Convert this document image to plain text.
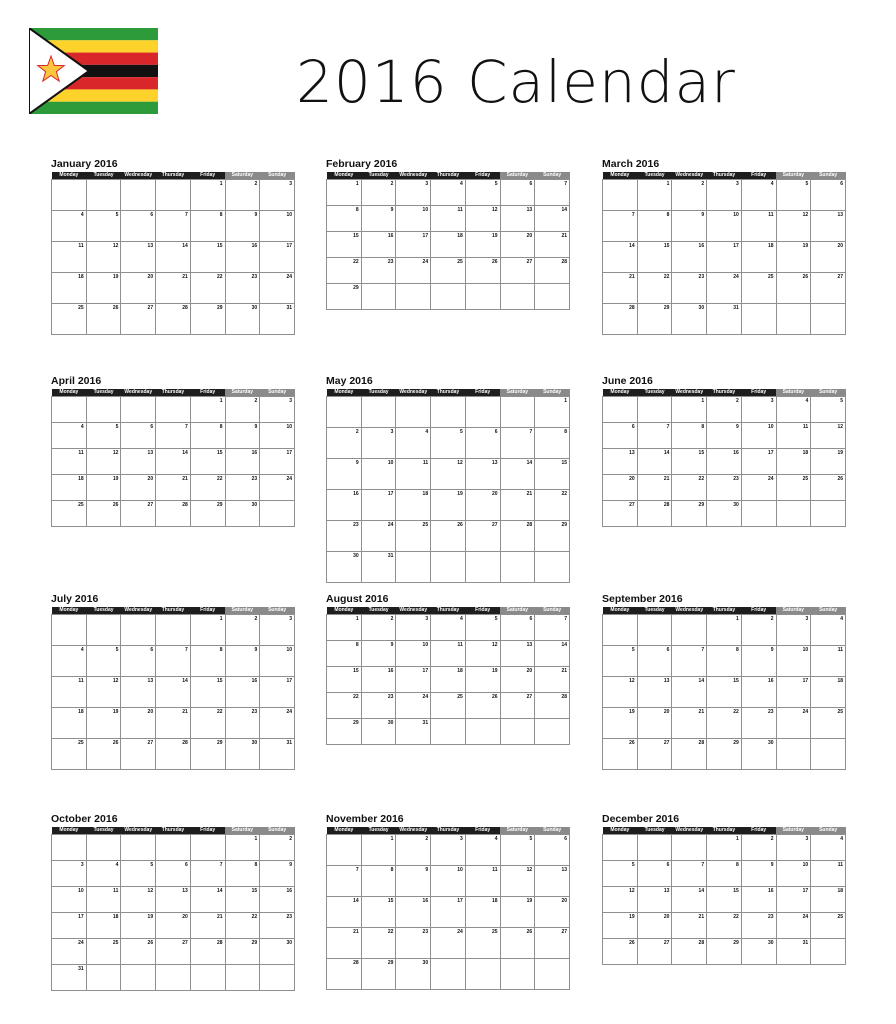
2016 Calendar
January 2016
Monday	Tuesday	Wednesday	Thursday	Friday	Saturday	Sunday

				1	2	3

4	5	6	7	8	9	10

11	12	13	14	15	16	17

18	19	20	21	22	23	24

25	26	27	28	29	30	31
February 2016
Monday	Tuesday	Wednesday	Thursday	Friday	Saturday	Sunday

1	2	3	4	5	6	7

8	9	10	11	12	13	14

15	16	17	18	19	20	21

22	23	24	25	26	27	28

29						

March 2016
Monday	Tuesday	Wednesday	Thursday	Friday	Saturday	Sunday

	1	2	3	4	5	6

7	8	9	10	11	12	13

14	15	16	17	18	19	20

21	22	23	24	25	26	27

28	29	30	31			

April 2016
Monday	Tuesday	Wednesday	Thursday	Friday	Saturday	Sunday

				1	2	3

4	5	6	7	8	9	10

11	12	13	14	15	16	17

18	19	20	21	22	23	24

25	26	27	28	29	30	

May 2016
Monday	Tuesday	Wednesday	Thursday	Friday	Saturday	Sunday

						1

2	3	4	5	6	7	8

9	10	11	12	13	14	15

16	17	18	19	20	21	22

23	24	25	26	27	28	29

30	31					

June 2016
Monday	Tuesday	Wednesday	Thursday	Friday	Saturday	Sunday

		1	2	3	4	5

6	7	8	9	10	11	12

13	14	15	16	17	18	19

20	21	22	23	24	25	26

27	28	29	30			

July 2016
Monday	Tuesday	Wednesday	Thursday	Friday	Saturday	Sunday

				1	2	3

4	5	6	7	8	9	10

11	12	13	14	15	16	17

18	19	20	21	22	23	24

25	26	27	28	29	30	31
August 2016
Monday	Tuesday	Wednesday	Thursday	Friday	Saturday	Sunday

1	2	3	4	5	6	7

8	9	10	11	12	13	14

15	16	17	18	19	20	21

22	23	24	25	26	27	28

29	30	31				

September 2016
Monday	Tuesday	Wednesday	Thursday	Friday	Saturday	Sunday

			1	2	3	4

5	6	7	8	9	10	11

12	13	14	15	16	17	18

19	20	21	22	23	24	25

26	27	28	29	30		

October 2016
Monday	Tuesday	Wednesday	Thursday	Friday	Saturday	Sunday

					1	2

3	4	5	6	7	8	9

10	11	12	13	14	15	16

17	18	19	20	21	22	23

24	25	26	27	28	29	30

31						

November 2016
Monday	Tuesday	Wednesday	Thursday	Friday	Saturday	Sunday

	1	2	3	4	5	6

7	8	9	10	11	12	13

14	15	16	17	18	19	20

21	22	23	24	25	26	27

28	29	30				

December 2016
Monday	Tuesday	Wednesday	Thursday	Friday	Saturday	Sunday

			1	2	3	4

5	6	7	8	9	10	11

12	13	14	15	16	17	18

19	20	21	22	23	24	25

26	27	28	29	30	31	
